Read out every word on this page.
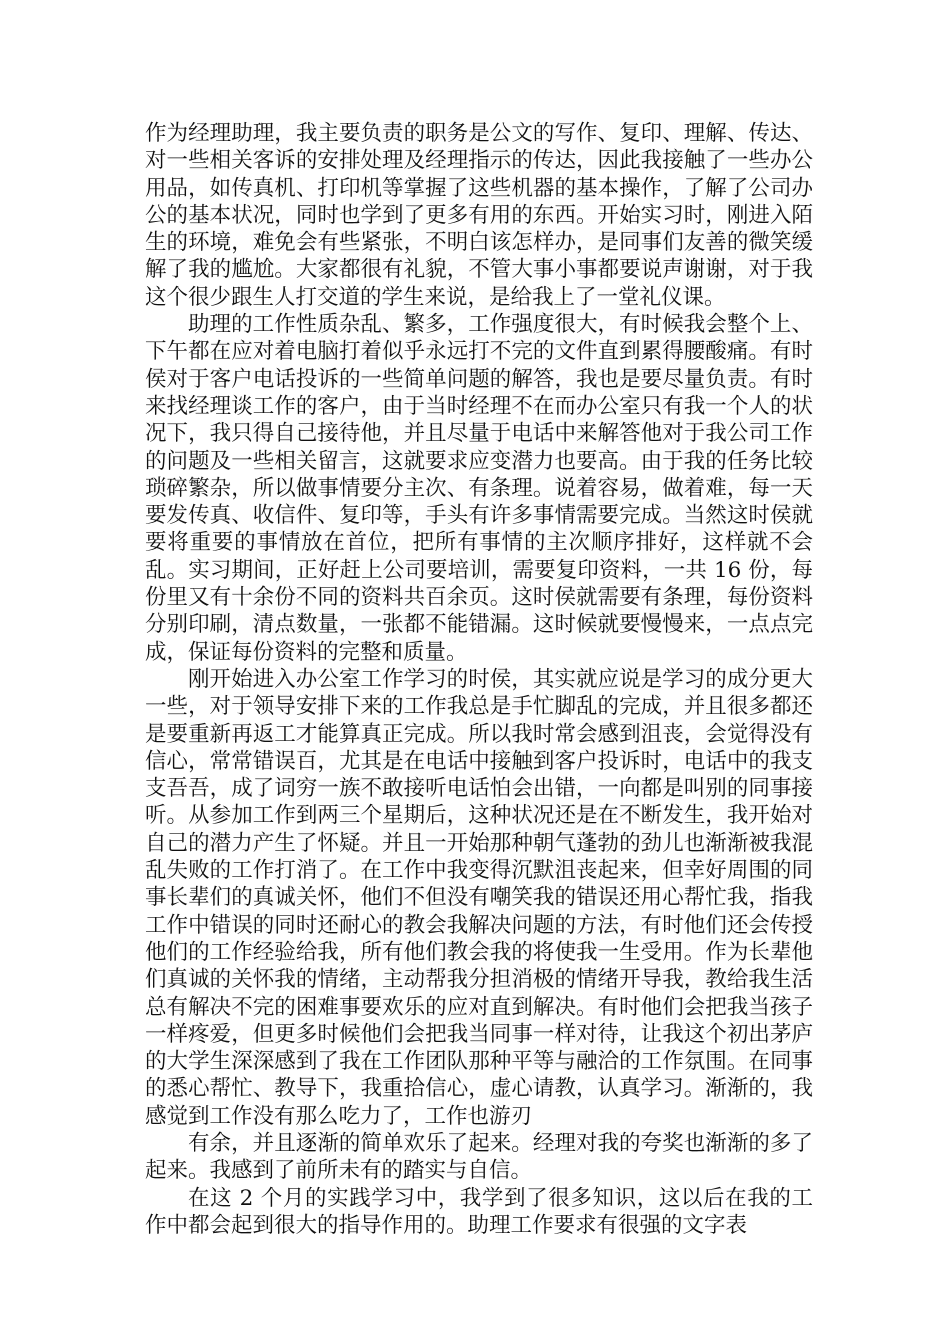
作为经理助理，我主要负责的职务是公文的写作、复印、理解、传达、对一些相关客诉的安排处理及经理指示的传达，因此我接触了一些办公用品，如传真机、打印机等掌握了这些机器的基本操作，了解了公司办公的基本状况，同时也学到了更多有用的东西。开始实习时，刚进入陌生的环境，难免会有些紧张，不明白该怎样办，是同事们友善的微笑缓解了我的尴尬。大家都很有礼貌，不管大事小事都要说声谢谢，对于我这个很少跟生人打交道的学生来说，是给我上了一堂礼仪课。

助理的工作性质杂乱、繁多，工作强度很大，有时候我会整个上、下午都在应对着电脑打着似乎永远打不完的文件直到累得腰酸痛。有时侯对于客户电话投诉的一些简单问题的解答，我也是要尽量负责。有时来找经理谈工作的客户，由于当时经理不在而办公室只有我一个人的状况下，我只得自己接待他，并且尽量于电话中来解答他对于我公司工作的问题及一些相关留言，这就要求应变潜力也要高。由于我的任务比较琐碎繁杂，所以做事情要分主次、有条理。说着容易，做着难，每一天要发传真、收信件、复印等，手头有许多事情需要完成。当然这时侯就要将重要的事情放在首位，把所有事情的主次顺序排好，这样就不会乱。实习期间，正好赶上公司要培训，需要复印资料，一共 16 份，每份里又有十余份不同的资料共百余页。这时侯就需要有条理，每份资料分别印刷，清点数量，一张都不能错漏。这时候就要慢慢来，一点点完成，保证每份资料的完整和质量。

刚开始进入办公室工作学习的时侯，其实就应说是学习的成分更大一些，对于领导安排下来的工作我总是手忙脚乱的完成，并且很多都还是要重新再返工才能算真正完成。所以我时常会感到沮丧，会觉得没有信心，常常错误百，尤其是在电话中接触到客户投诉时，电话中的我支支吾吾，成了词穷一族不敢接听电话怕会出错，一向都是叫别的同事接听。从参加工作到两三个星期后，这种状况还是在不断发生，我开始对自己的潜力产生了怀疑。并且一开始那种朝气蓬勃的劲儿也渐渐被我混乱失败的工作打消了。在工作中我变得沉默沮丧起来，但幸好周围的同事长辈们的真诚关怀，他们不但没有嘲笑我的错误还用心帮忙我，指我工作中错误的同时还耐心的教会我解决问题的方法，有时他们还会传授他们的工作经验给我，所有他们教会我的将使我一生受用。作为长辈他们真诚的关怀我的情绪，主动帮我分担消极的情绪开导我，教给我生活总有解决不完的困难事要欢乐的应对直到解决。有时他们会把我当孩子一样疼爱，但更多时候他们会把我当同事一样对待，让我这个初出茅庐的大学生深深感到了我在工作团队那种平等与融洽的工作氛围。在同事的悉心帮忙、教导下，我重拾信心，虚心请教，认真学习。渐渐的，我感觉到工作没有那么吃力了，工作也游刃

有余，并且逐渐的简单欢乐了起来。经理对我的夸奖也渐渐的多了起来。我感到了前所未有的踏实与自信。

在这 2 个月的实践学习中，我学到了很多知识，这以后在我的工作中都会起到很大的指导作用的。助理工作要求有很强的文字表
